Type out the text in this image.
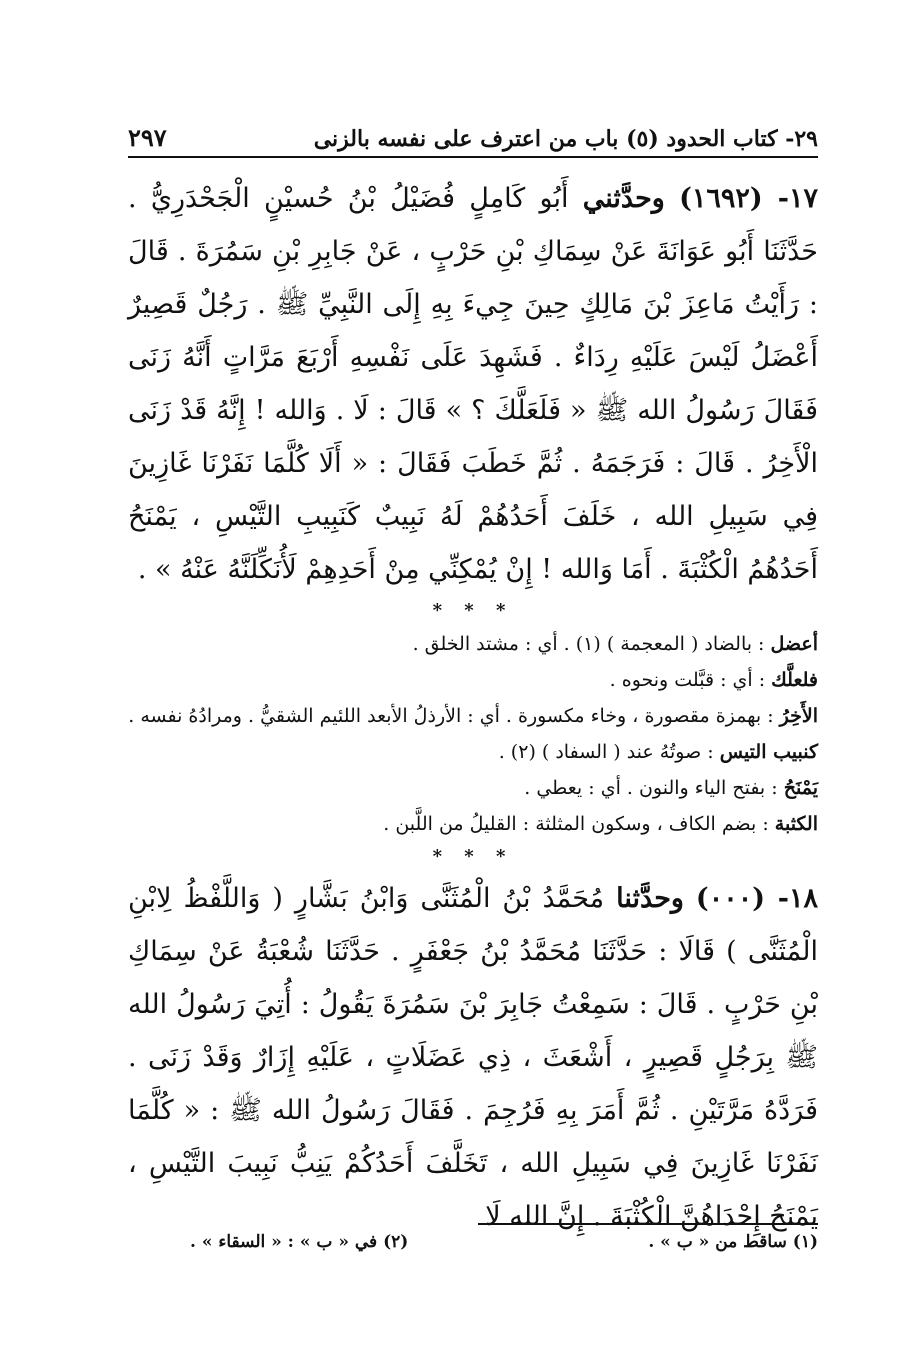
٢٩- كتاب الحدود (٥) باب من اعترف على نفسه بالزنى
٢٩٧

١٧- (١٦٩٢) وحدَّثني أَبُو كَامِلٍ فُضَيْلُ بْنُ حُسيْنٍ الْجَحْدَرِيُّ . حَدَّثَنَا أَبُو عَوَانَةَ عَنْ سِمَاكِ بْنِ حَرْبٍ ، عَنْ جَابِرِ بْنِ سَمُرَةَ . قَالَ : رَأَيْتُ مَاعِزَ بْنَ مَالِكٍ حِينَ جِيءَ بِهِ إِلَى النَّبِيِّ ﷺ . رَجُلٌ قَصِيرٌ أَعْضَلُ لَيْسَ عَلَيْهِ رِدَاءٌ . فَشَهِدَ عَلَى نَفْسِهِ أَرْبَعَ مَرَّاتٍ أَنَّهُ زَنَى فَقَالَ رَسُولُ الله ﷺ « فَلَعَلَّكَ ؟ » قَالَ : لَا . وَالله ! إِنَّهُ قَدْ زَنَى الْأَخِرُ . قَالَ : فَرَجَمَهُ . ثُمَّ خَطَبَ فَقَالَ : « أَلَا كُلَّمَا نَفَرْنَا غَازِينَ فِي سَبِيلِ الله ، خَلَفَ أَحَدُهُمْ لَهُ نَبِيبٌ كَنَبِيبِ التَّيْسِ ، يَمْنَحُ أَحَدُهُمُ الْكُثْبَةَ . أَمَا وَالله ! إِنْ يُمْكِنِّي مِنْ أَحَدِهِمْ لَأُنَكِّلَنَّهُ عَنْهُ » .

* * *

أعضل : بالضاد ( المعجمة ) (١) . أي : مشتد الخلق .

فلعلَّك : أي : قبَّلت ونحوه .

الأَخِرُ : بهمزة مقصورة ، وخاء مكسورة . أي : الأرذلُ الأبعد اللئيم الشقيُّ . ومرادُهُ نفسه .

كنبيب التيس : صوتُهُ عند ( السفاد ) (٢) .

يَمْنَحُ : بفتح الياء والنون . أي : يعطي .

الكثبة : بضم الكاف ، وسكون المثلثة : القليلُ من اللَّبن .

* * *

١٨- (٠٠٠) وحدَّثنا مُحَمَّدُ بْنُ الْمُثَنَّى وَابْنُ بَشَّارٍ ( وَاللَّفْظُ لِابْنِ الْمُثَنَّى ) قَالَا : حَدَّثَنَا مُحَمَّدُ بْنُ جَعْفَرٍ . حَدَّثَنَا شُعْبَةُ عَنْ سِمَاكِ بْنِ حَرْبٍ . قَالَ : سَمِعْتُ جَابِرَ بْنَ سَمُرَةَ يَقُولُ : أُتِيَ رَسُولُ الله ﷺ بِرَجُلٍ قَصِيرٍ ، أَشْعَثَ ، ذِي عَضَلَاتٍ ، عَلَيْهِ إِزَارٌ وَقَدْ زَنَى . فَرَدَّهُ مَرَّتَيْنِ . ثُمَّ أَمَرَ بِهِ فَرُجِمَ . فَقَالَ رَسُولُ الله ﷺ : « كُلَّمَا نَفَرْنَا غَازِينَ فِي سَبِيلِ الله ، تَخَلَّفَ أَحَدُكُمْ يَنِبُّ نَبِيبَ التَّيْسِ ، يَمْنَحُ إِحْدَاهُنَّ الْكُثْبَةَ . إِنَّ الله لَا

(١) ساقط من « ب » .
(٢) في « ب » : « السقاء » .
